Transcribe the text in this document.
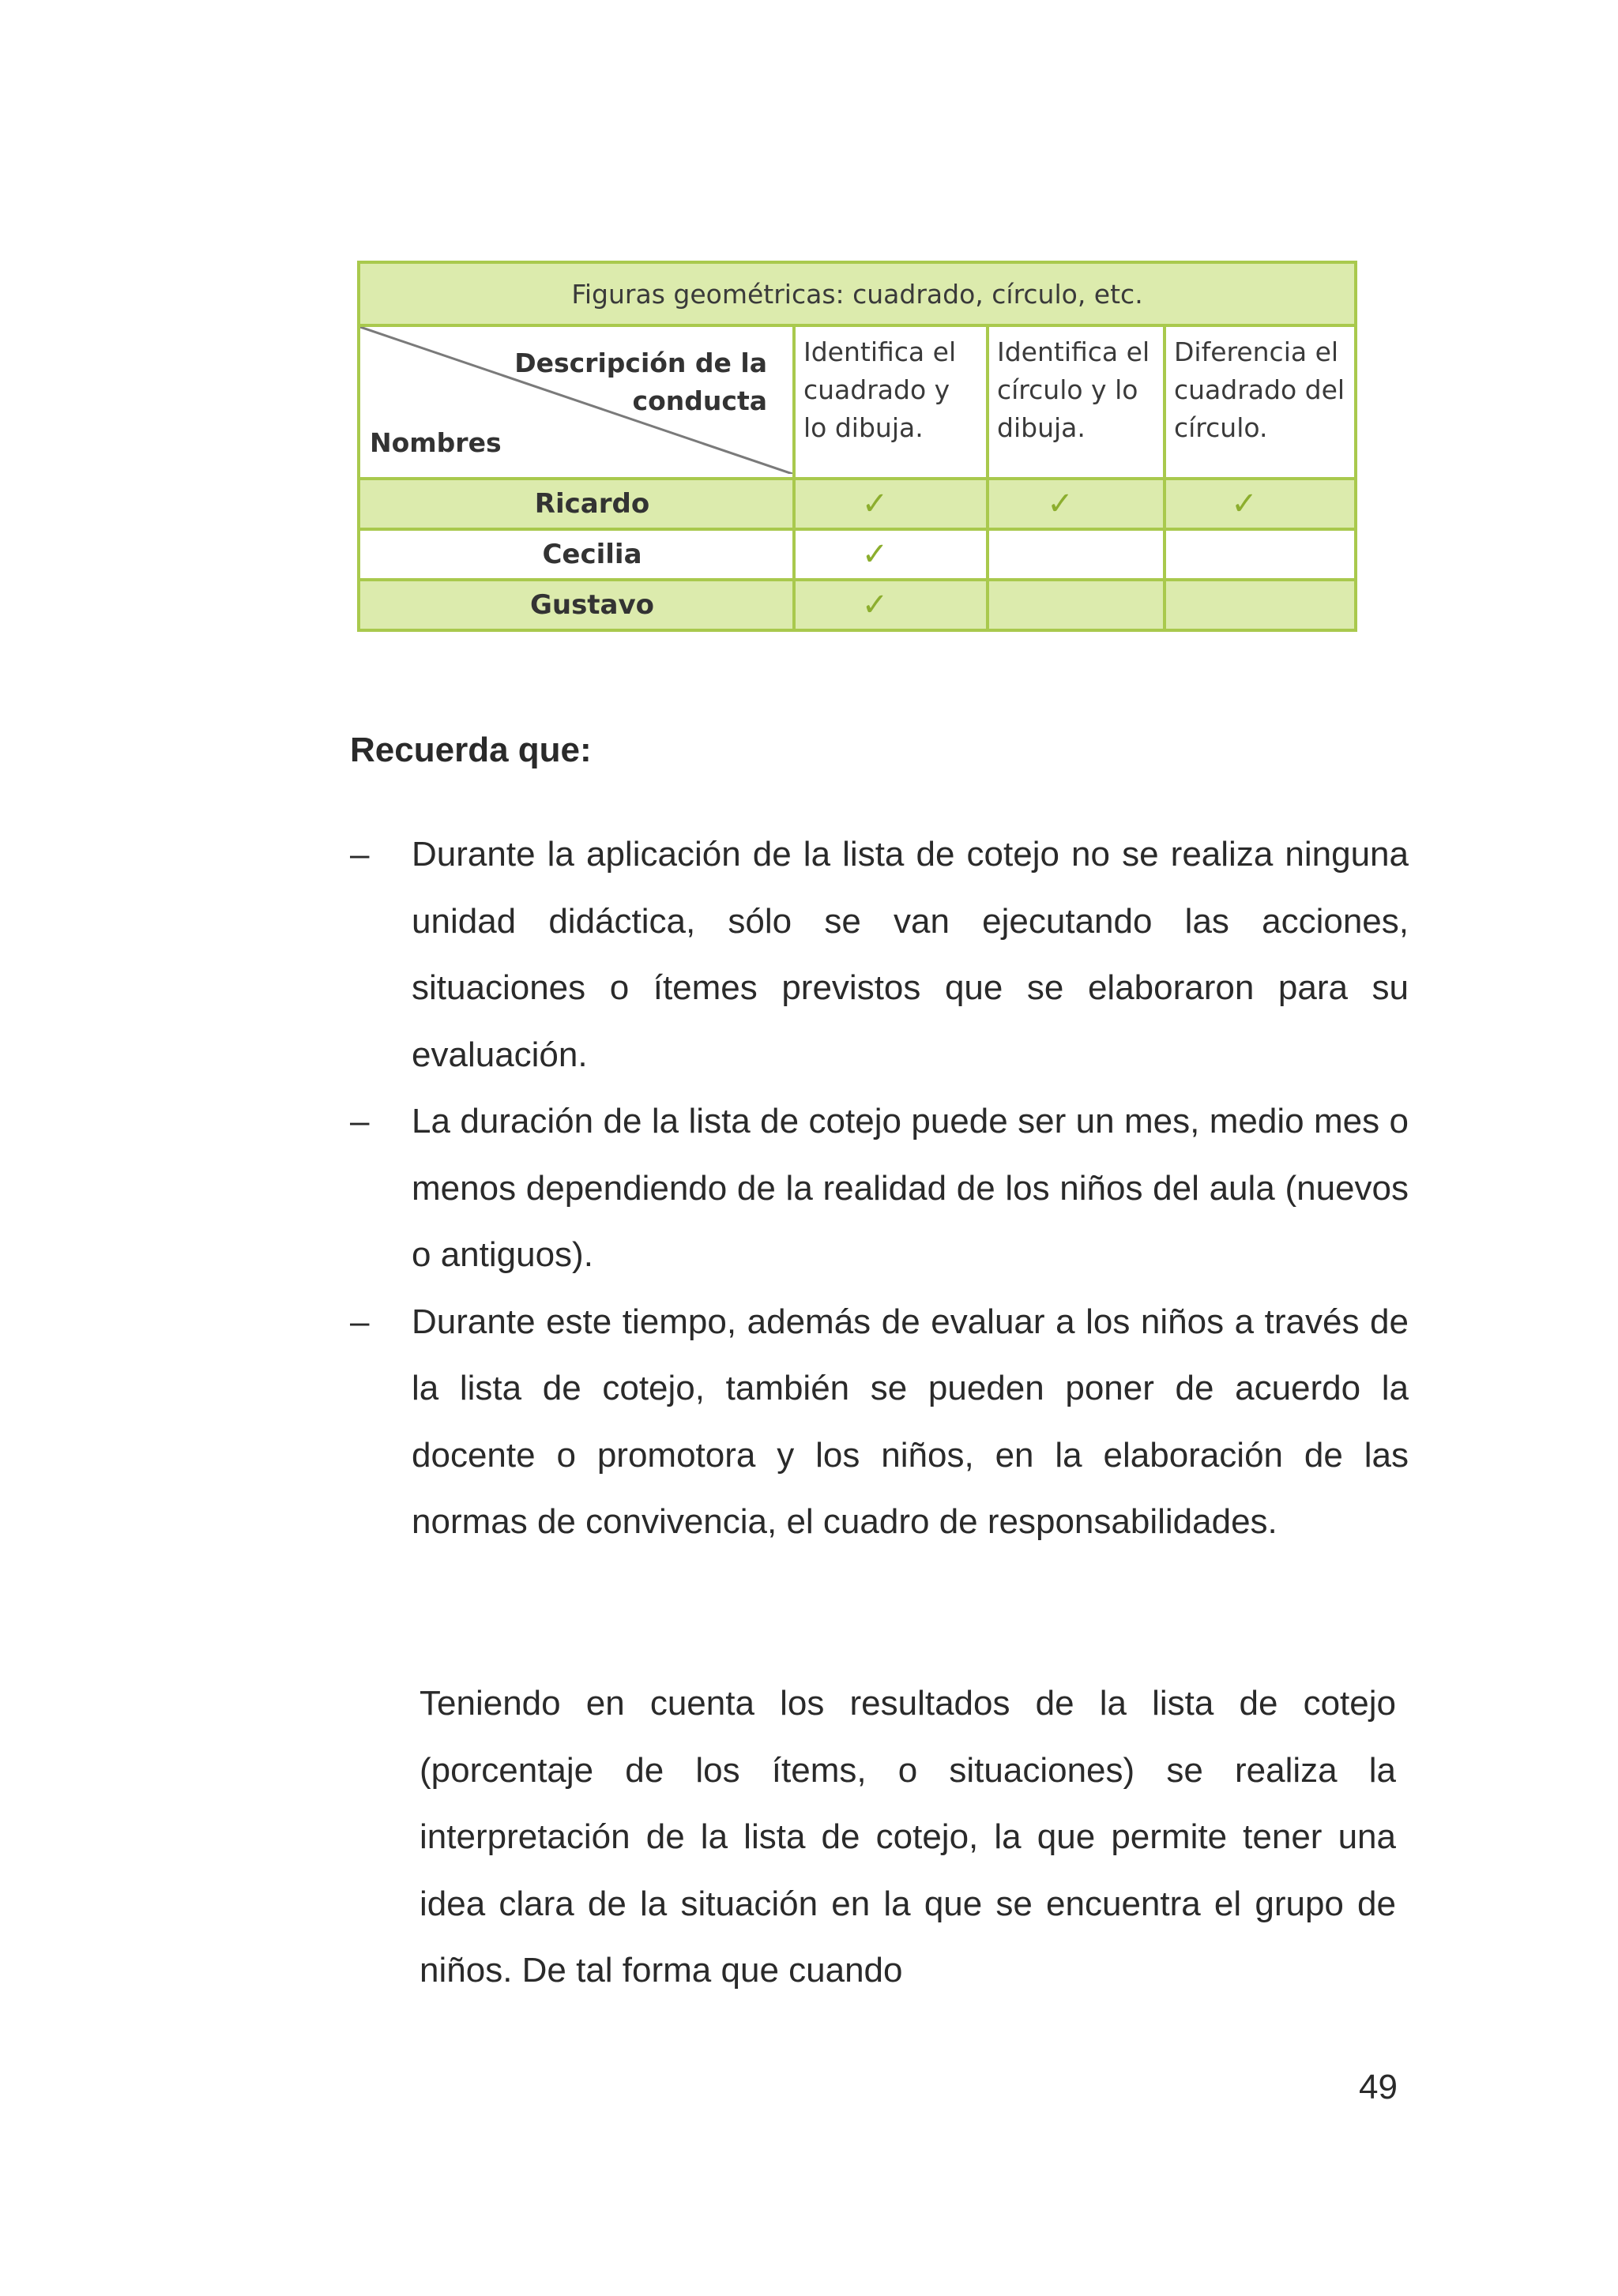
Figuras geométricas: cuadrado, círculo, etc.			

Descripción de la
conducta
Nombres	Identifica el cuadrado y lo dibuja.	Identifica el círculo y lo dibuja.	Diferencia el cuadrado del círculo.
Ricardo	✓	✓	✓
Cecilia	✓		
Gustavo	✓		
Recuerda que:
– Durante la aplicación de la lista de cotejo no se realiza ninguna unidad didáctica, sólo se van ejecutando las acciones, situaciones o ítemes previstos que se elaboraron para su evaluación.

– La duración de la lista de cotejo puede ser un mes, medio mes o menos dependiendo de la realidad de los niños del aula (nuevos o antiguos).

– Durante este tiempo, además de evaluar a los niños a través de la lista de cotejo, también se pueden poner de acuerdo la docente o promotora y los niños, en la elaboración de las normas de convivencia, el cuadro de responsabilidades.

Teniendo en cuenta los resultados de la lista de cotejo (porcentaje de los ítems, o situaciones) se realiza la interpretación de la lista de cotejo, la que permite tener una idea clara de la situación en la que se encuentra el grupo de niños. De tal forma que cuando

49
